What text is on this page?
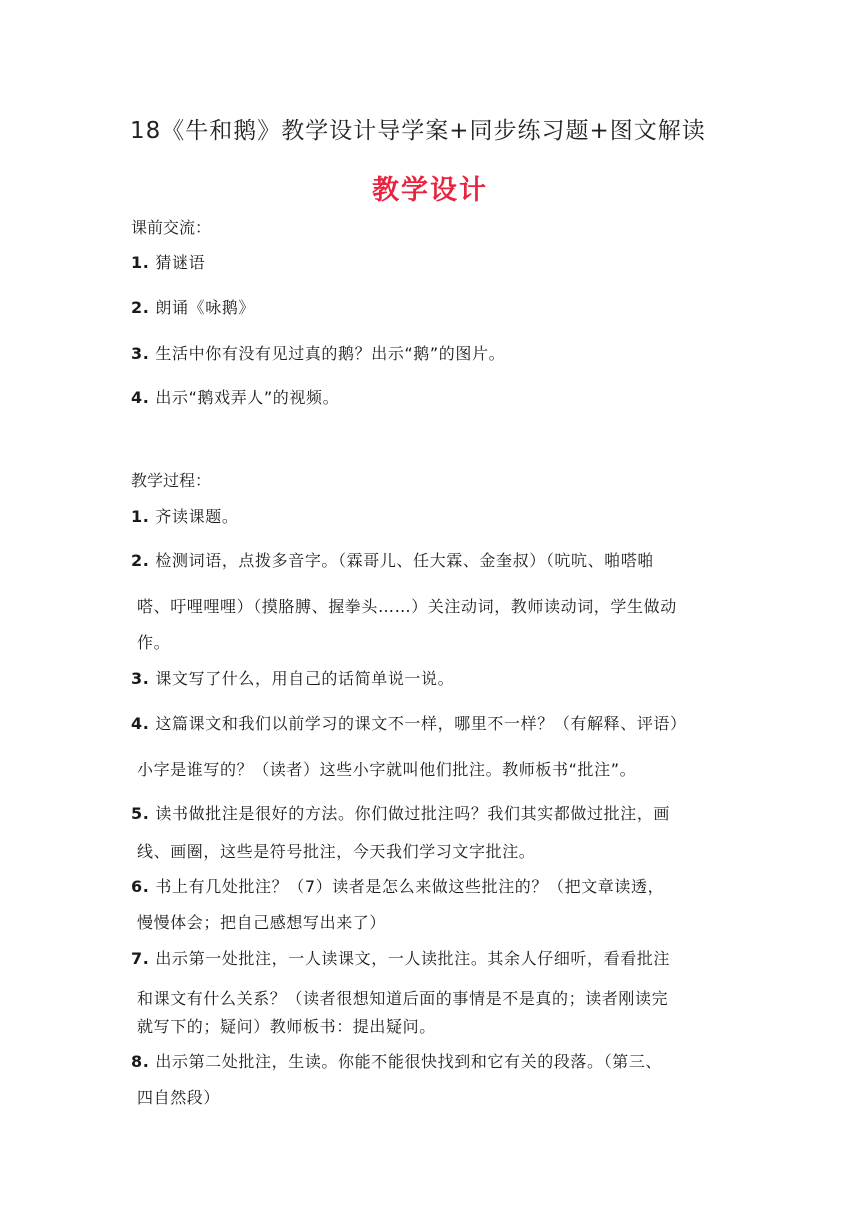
18《牛和鹅》教学设计导学案+同步练习题+图文解读
教学设计
课前交流：
1. 猜谜语
2. 朗诵《咏鹅》
3. 生活中你有没有见过真的鹅？出示“鹅”的图片。
4. 出示“鹅戏弄人”的视频。
教学过程：
1. 齐读课题。
2. 检测词语，点拨多音字。（霖哥儿、任大霖、金奎叔）（吭吭、啪嗒啪
嗒、吁哩哩哩）（摸胳膊、握拳头……）关注动词，教师读动词，学生做动
作。
3. 课文写了什么，用自己的话简单说一说。
4. 这篇课文和我们以前学习的课文不一样，哪里不一样？（有解释、评语）
小字是谁写的？（读者）这些小字就叫他们批注。教师板书“批注”。
5. 读书做批注是很好的方法。你们做过批注吗？我们其实都做过批注，画
线、画圈，这些是符号批注，今天我们学习文字批注。
6. 书上有几处批注？（7）读者是怎么来做这些批注的？（把文章读透，
慢慢体会；把自己感想写出来了）
7. 出示第一处批注，一人读课文，一人读批注。其余人仔细听，看看批注
和课文有什么关系？（读者很想知道后面的事情是不是真的；读者刚读完
就写下的；疑问）教师板书：提出疑问。
8. 出示第二处批注，生读。你能不能很快找到和它有关的段落。（第三、
四自然段）
